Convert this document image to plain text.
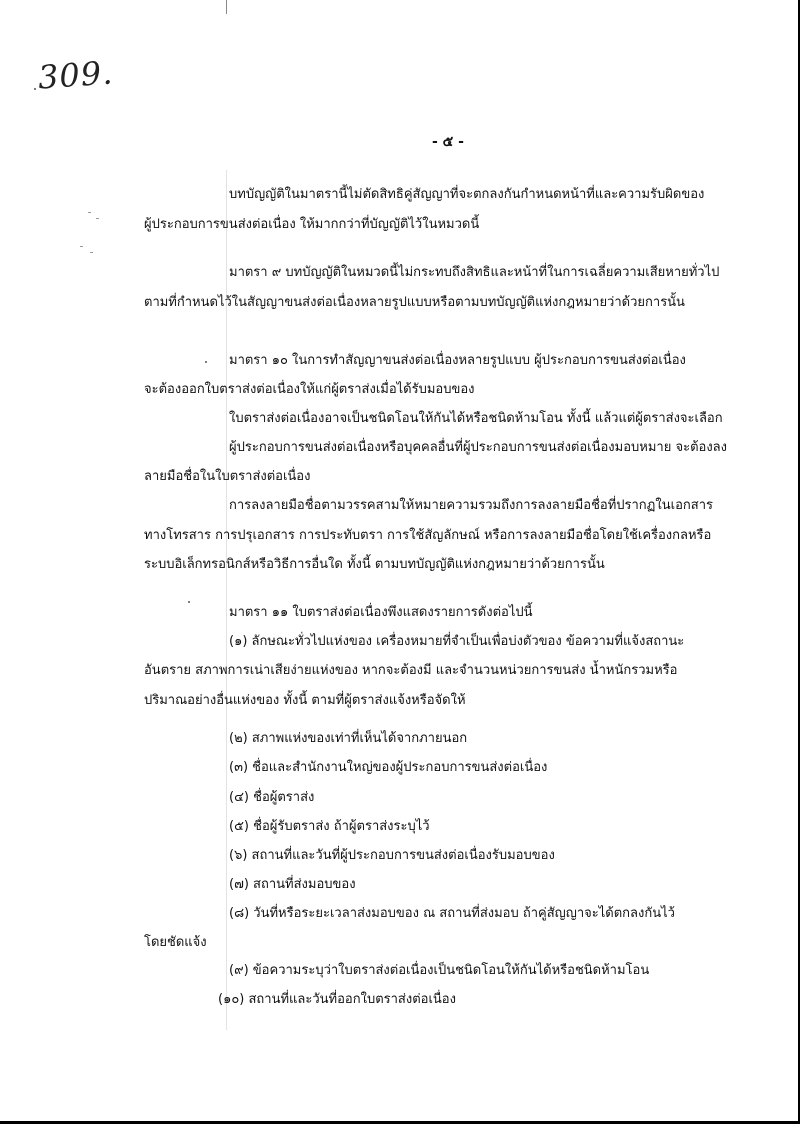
309.
- ๕ -
บทบัญญัติในมาตรานี้ไม่ตัดสิทธิคู่สัญญาที่จะตกลงกันกำหนดหน้าที่และความรับผิดของ
ผู้ประกอบการขนส่งต่อเนื่อง ให้มากกว่าที่บัญญัติไว้ในหมวดนี้
มาตรา ๙ บทบัญญัติในหมวดนี้ไม่กระทบถึงสิทธิและหน้าที่ในการเฉลี่ยความเสียหายทั่วไป
ตามที่กำหนดไว้ในสัญญาขนส่งต่อเนื่องหลายรูปแบบหรือตามบทบัญญัติแห่งกฎหมายว่าด้วยการนั้น
มาตรา ๑๐ ในการทำสัญญาขนส่งต่อเนื่องหลายรูปแบบ ผู้ประกอบการขนส่งต่อเนื่อง
จะต้องออกใบตราส่งต่อเนื่องให้แก่ผู้ตราส่งเมื่อได้รับมอบของ
ใบตราส่งต่อเนื่องอาจเป็นชนิดโอนให้กันได้หรือชนิดห้ามโอน ทั้งนี้ แล้วแต่ผู้ตราส่งจะเลือก
ผู้ประกอบการขนส่งต่อเนื่องหรือบุคคลอื่นที่ผู้ประกอบการขนส่งต่อเนื่องมอบหมาย จะต้องลง
ลายมือชื่อในใบตราส่งต่อเนื่อง
การลงลายมือชื่อตามวรรคสามให้หมายความรวมถึงการลงลายมือชื่อที่ปรากฏในเอกสาร
ทางโทรสาร การปรุเอกสาร การประทับตรา การใช้สัญลักษณ์ หรือการลงลายมือชื่อโดยใช้เครื่องกลหรือ
ระบบอิเล็กทรอนิกส์หรือวิธีการอื่นใด ทั้งนี้ ตามบทบัญญัติแห่งกฎหมายว่าด้วยการนั้น
มาตรา ๑๑ ใบตราส่งต่อเนื่องพึงแสดงรายการดังต่อไปนี้
(๑) ลักษณะทั่วไปแห่งของ เครื่องหมายที่จำเป็นเพื่อบ่งตัวของ ข้อความที่แจ้งสถานะ
อันตราย สภาพการเน่าเสียง่ายแห่งของ หากจะต้องมี และจำนวนหน่วยการขนส่ง น้ำหนักรวมหรือ
ปริมาณอย่างอื่นแห่งของ ทั้งนี้ ตามที่ผู้ตราส่งแจ้งหรือจัดให้
(๒) สภาพแห่งของเท่าที่เห็นได้จากภายนอก
(๓) ชื่อและสำนักงานใหญ่ของผู้ประกอบการขนส่งต่อเนื่อง
(๔) ชื่อผู้ตราส่ง
(๕) ชื่อผู้รับตราส่ง ถ้าผู้ตราส่งระบุไว้
(๖) สถานที่และวันที่ผู้ประกอบการขนส่งต่อเนื่องรับมอบของ
(๗) สถานที่ส่งมอบของ
(๘) วันที่หรือระยะเวลาส่งมอบของ ณ สถานที่ส่งมอบ ถ้าคู่สัญญาจะได้ตกลงกันไว้
โดยชัดแจ้ง
(๙) ข้อความระบุว่าใบตราส่งต่อเนื่องเป็นชนิดโอนให้กันได้หรือชนิดห้ามโอน
(๑๐) สถานที่และวันที่ออกใบตราส่งต่อเนื่อง
